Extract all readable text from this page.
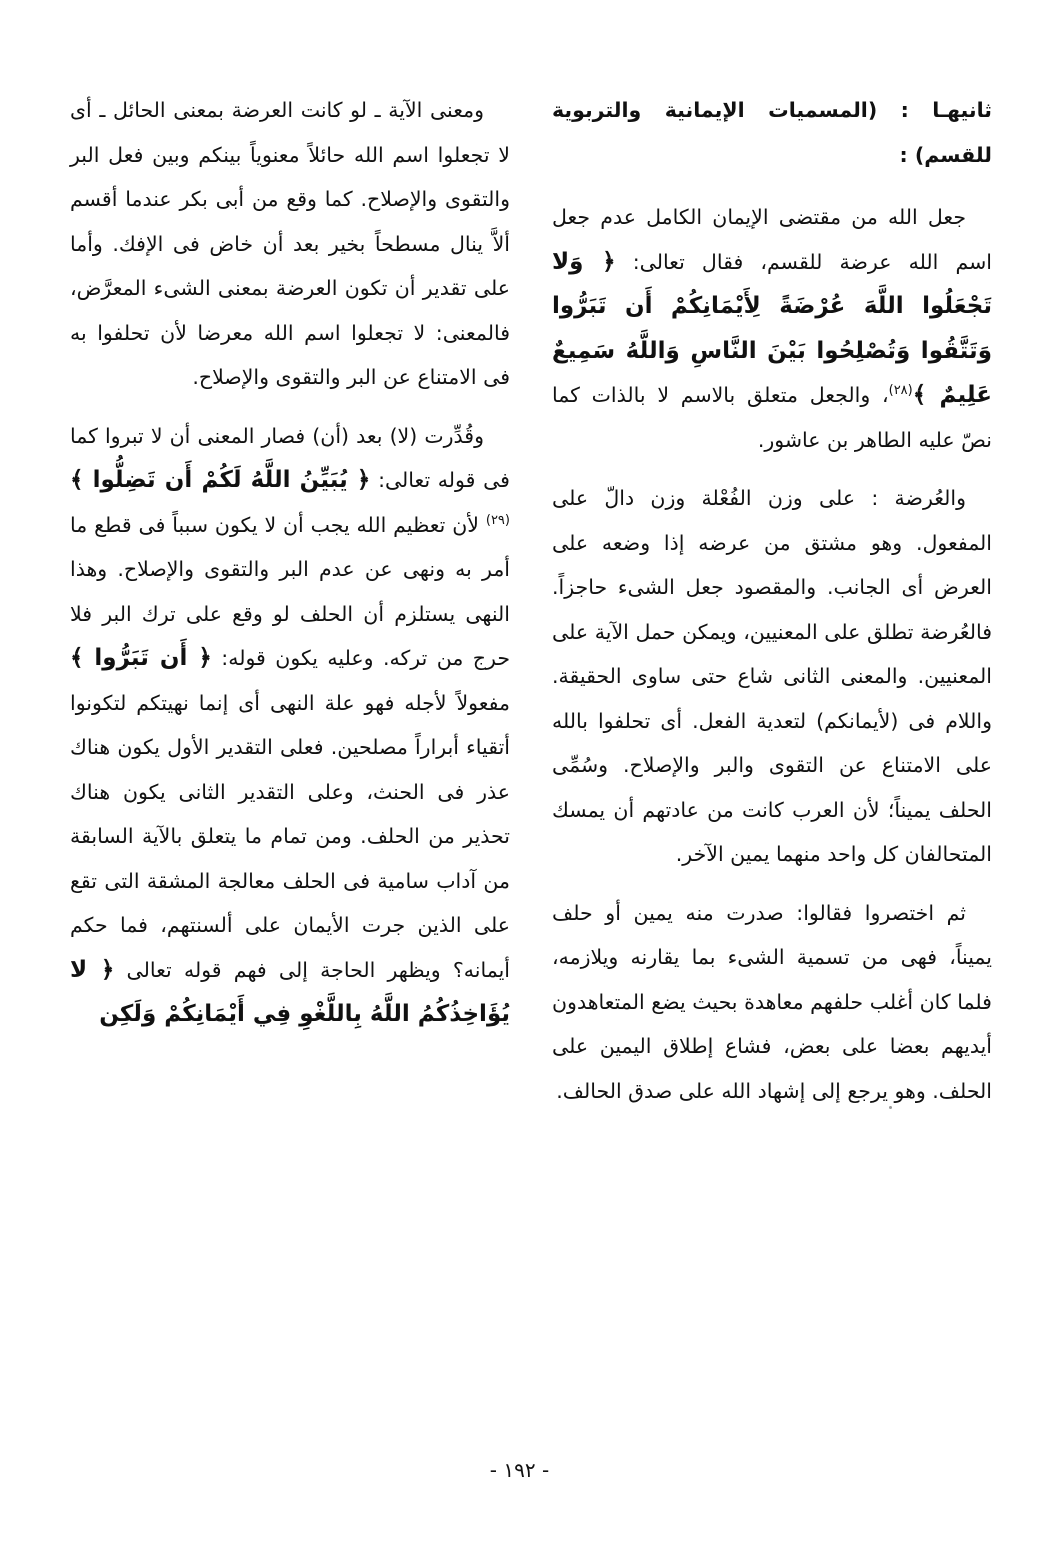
ثانيهـا : (المسميات الإيمانية والتربوية للقسم) :

جعل الله من مقتضى الإيمان الكامل عدم جعل اسم الله عرضة للقسم، فقال تعالى: ﴿ وَلا تَجْعَلُوا اللَّهَ عُرْضَةً لِأَيْمَانِكُمْ أَن تَبَرُّوا وَتَتَّقُوا وَتُصْلِحُوا بَيْنَ النَّاسِ وَاللَّهُ سَمِيعٌ عَلِيمٌ ﴾$^{(٢٨)}$، والجعل متعلق بالاسم لا بالذات كما نصّ عليه الطاهر بن عاشور.

والعُرضة : على وزن الفُعْلة وزن دالّ على المفعول. وهو مشتق من عرضه إذا وضعه على العرض أى الجانب. والمقصود جعل الشىء حاجزاً. فالعُرضة تطلق على المعنيين، ويمكن حمل الآية على المعنيين. والمعنى الثانى شاع حتى ساوى الحقيقة. واللام فى (لأيمانكم) لتعدية الفعل. أى تحلفوا بالله على الامتناع عن التقوى والبر والإصلاح. وسُمِّى الحلف يميناً؛ لأن العرب كانت من عادتهم أن يمسك المتحالفان كل واحد منهما يمين الآخر.

ثم اختصروا فقالوا: صدرت منه يمين أو حلف يميناً، فهى من تسمية الشىء بما يقارنه ويلازمه، فلما كان أغلب حلفهم معاهدة بحيث يضع المتعاهدون أيديهم بعضا على بعض، فشاع إطلاق اليمين على الحلف. وهو يرجع إلى إشهاد الله على صدق الحالف.

ومعنى الآية ـ لو كانت العرضة بمعنى الحائل ـ أى لا تجعلوا اسم الله حائلاً معنوياً بينكم وبين فعل البر والتقوى والإصلاح. كما وقع من أبى بكر عندما أقسم ألاَّ ينال مسطحاً بخير بعد أن خاض فى الإفك. وأما على تقدير أن تكون العرضة بمعنى الشىء المعرَّض، فالمعنى: لا تجعلوا اسم الله معرضا لأن تحلفوا به فى الامتناع عن البر والتقوى والإصلاح.

وقُدِّرت (لا) بعد (أن) فصار المعنى أن لا تبروا كما فى قوله تعالى: ﴿ يُبَيِّنُ اللَّهُ لَكُمْ أَن تَضِلُّوا ﴾$^{(٢٩)}$ لأن تعظيم الله يجب أن لا يكون سبباً فى قطع ما أمر به ونهى عن عدم البر والتقوى والإصلاح. وهذا النهى يستلزم أن الحلف لو وقع على ترك البر فلا حرج من تركه. وعليه يكون قوله: ﴿ أَن تَبَرُّوا ﴾ مفعولاً لأجله فهو علة النهى أى إنما نهيتكم لتكونوا أتقياء أبراراً مصلحين. فعلى التقدير الأول يكون هناك عذر فى الحنث، وعلى التقدير الثانى يكون هناك تحذير من الحلف. ومن تمام ما يتعلق بالآية السابقة من آداب سامية فى الحلف معالجة المشقة التى تقع على الذين جرت الأيمان على ألسنتهم، فما حكم أيمانه؟ ويظهر الحاجة إلى فهم قوله تعالى ﴿ لا يُؤَاخِذُكُمُ اللَّهُ بِاللَّغْوِ فِي أَيْمَانِكُمْ وَلَكِن

- ١٩٢ -
